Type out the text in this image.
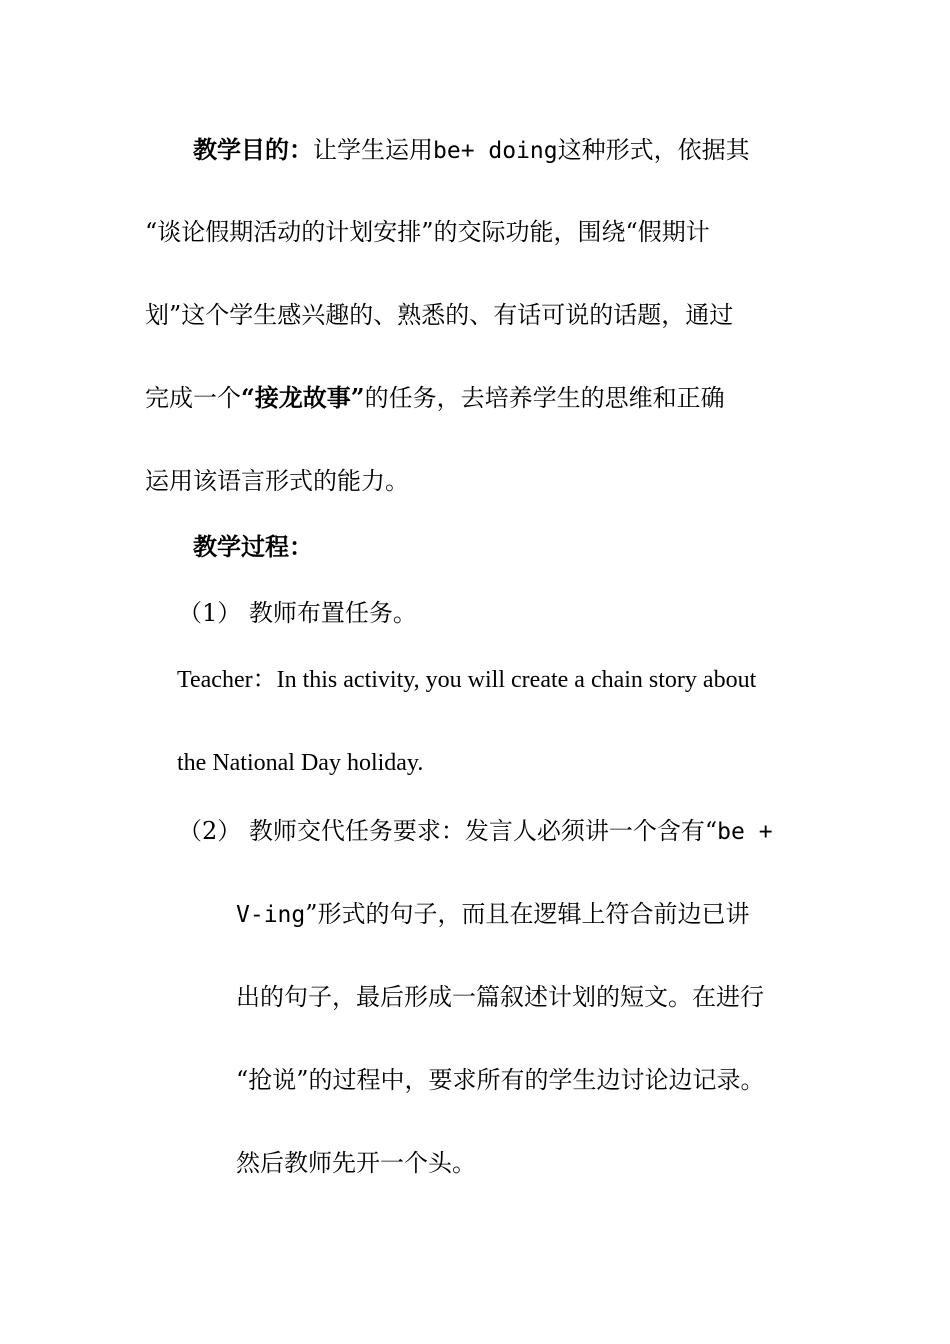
教学目的：让学生运用be+ doing这种形式，依据其
“谈论假期活动的计划安排”的交际功能，围绕“假期计
划”这个学生感兴趣的、熟悉的、有话可说的话题，通过
完成一个“接龙故事”的任务，去培养学生的思维和正确
运用该语言形式的能力。
教学过程：
（1） 教师布置任务。
Teacher：In this activity, you will create a chain story about
the National Day holiday.
（2） 教师交代任务要求：发言人必须讲一个含有“be +
V-ing”形式的句子，而且在逻辑上符合前边已讲
出的句子，最后形成一篇叙述计划的短文。在进行
“抢说”的过程中，要求所有的学生边讨论边记录。
然后教师先开一个头。
